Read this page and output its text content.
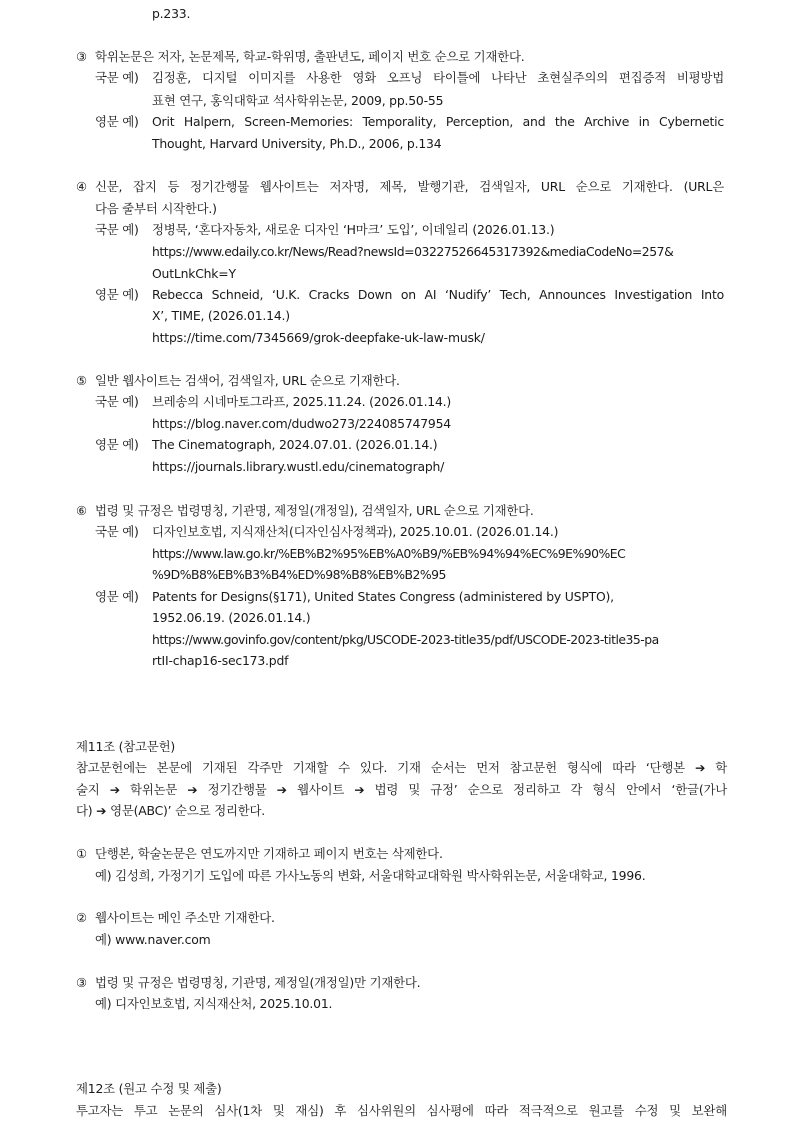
p.233.
③ 학위논문은 저자, 논문제목, 학교-학위명, 출판년도, 페이지 번호 순으로 기재한다.
국문 예) 김정훈, 디지털 이미지를 사용한 영화 오프닝 타이틀에 나타난 초현실주의의 편집증적 비평방법
표현 연구, 홍익대학교 석사학위논문, 2009, pp.50-55
영문 예) Orit Halpern, Screen-Memories: Temporality, Perception, and the Archive in Cybernetic
Thought, Harvard University, Ph.D., 2006, p.134
④ 신문, 잡지 등 정기간행물 웹사이트는 저자명, 제목, 발행기관, 검색일자, URL 순으로 기재한다. (URL은
다음 줄부터 시작한다.)
국문 예) 정병묵, ‘혼다자동차, 새로운 디자인 ‘H마크’ 도입’, 이데일리 (2026.01.13.)
https://www.edaily.co.kr/News/Read?newsId=03227526645317392&mediaCodeNo=257&
OutLnkChk=Y
영문 예) Rebecca Schneid, ‘U.K. Cracks Down on AI ‘Nudify’ Tech, Announces Investigation Into
X’, TIME, (2026.01.14.)
https://time.com/7345669/grok-deepfake-uk-law-musk/
⑤ 일반 웹사이트는 검색어, 검색일자, URL 순으로 기재한다.
국문 예) 브레송의 시네마토그라프, 2025.11.24. (2026.01.14.)
https://blog.naver.com/dudwo273/224085747954
영문 예) The Cinematograph, 2024.07.01. (2026.01.14.)
https://journals.library.wustl.edu/cinematograph/
⑥ 법령 및 규정은 법령명칭, 기관명, 제정일(개정일), 검색일자, URL 순으로 기재한다.
국문 예) 디자인보호법, 지식재산처(디자인심사정책과), 2025.10.01. (2026.01.14.)
https://www.law.go.kr/%EB%B2%95%EB%A0%B9/%EB%94%94%EC%9E%90%EC
%9D%B8%EB%B3%B4%ED%98%B8%EB%B2%95
영문 예) Patents for Designs(§171), United States Congress (administered by USPTO),
1952.06.19. (2026.01.14.)
https://www.govinfo.gov/content/pkg/USCODE-2023-title35/pdf/USCODE-2023-title35-pa
rtII-chap16-sec173.pdf
제11조 (참고문헌)
참고문헌에는 본문에 기재된 각주만 기재할 수 있다. 기재 순서는 먼저 참고문헌 형식에 따라 ‘단행본 ➔ 학
술지 ➔ 학위논문 ➔ 정기간행물 ➔ 웹사이트 ➔ 법령 및 규정’ 순으로 정리하고 각 형식 안에서 ‘한글(가나
다) ➔ 영문(ABC)’ 순으로 정리한다.
① 단행본, 학술논문은 연도까지만 기재하고 페이지 번호는 삭제한다.
예) 김성희, 가정기기 도입에 따른 가사노동의 변화, 서울대학교대학원 박사학위논문, 서울대학교, 1996.
② 웹사이트는 메인 주소만 기재한다.
예) www.naver.com
③ 법령 및 규정은 법령명칭, 기관명, 제정일(개정일)만 기재한다.
예) 디자인보호법, 지식재산처, 2025.10.01.
제12조 (원고 수정 및 제출)
투고자는 투고 논문의 심사(1차 및 재심) 후 심사위원의 심사평에 따라 적극적으로 원고를 수정 및 보완해
